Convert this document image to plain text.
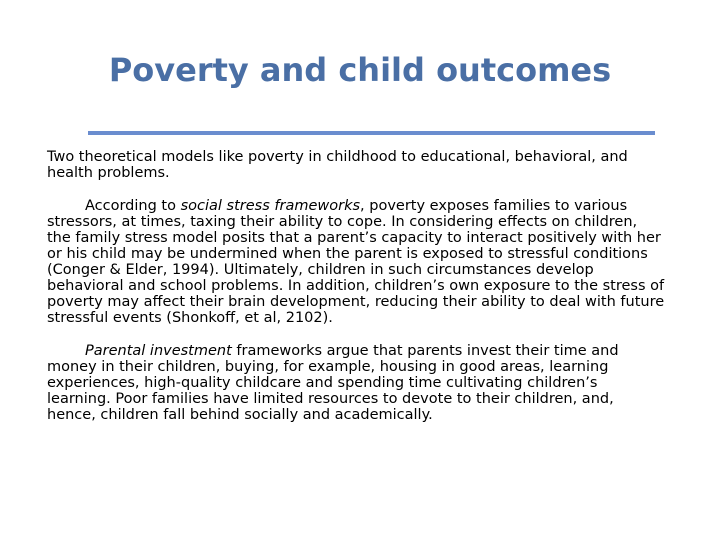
Poverty and child outcomes

Two theoretical models like poverty in childhood to educational, behavioral, and health problems.

According to social stress frameworks, poverty exposes families to various stressors, at times, taxing their ability to cope. In considering effects on children, the family stress model posits that a parent’s capacity to interact positively with her or his child may be undermined when the parent is exposed to stressful conditions (Conger & Elder, 1994). Ultimately, children in such circumstances develop behavioral and school problems. In addition, children’s own exposure to the stress of poverty may affect their brain development, reducing their ability to deal with future stressful events (Shonkoff, et al, 2102).

Parental investment frameworks argue that parents invest their time and money in their children, buying, for example, housing in good areas, learning experiences, high-quality childcare and spending time cultivating children’s learning. Poor families have limited resources to devote to their children, and, hence, children fall behind socially and academically.
